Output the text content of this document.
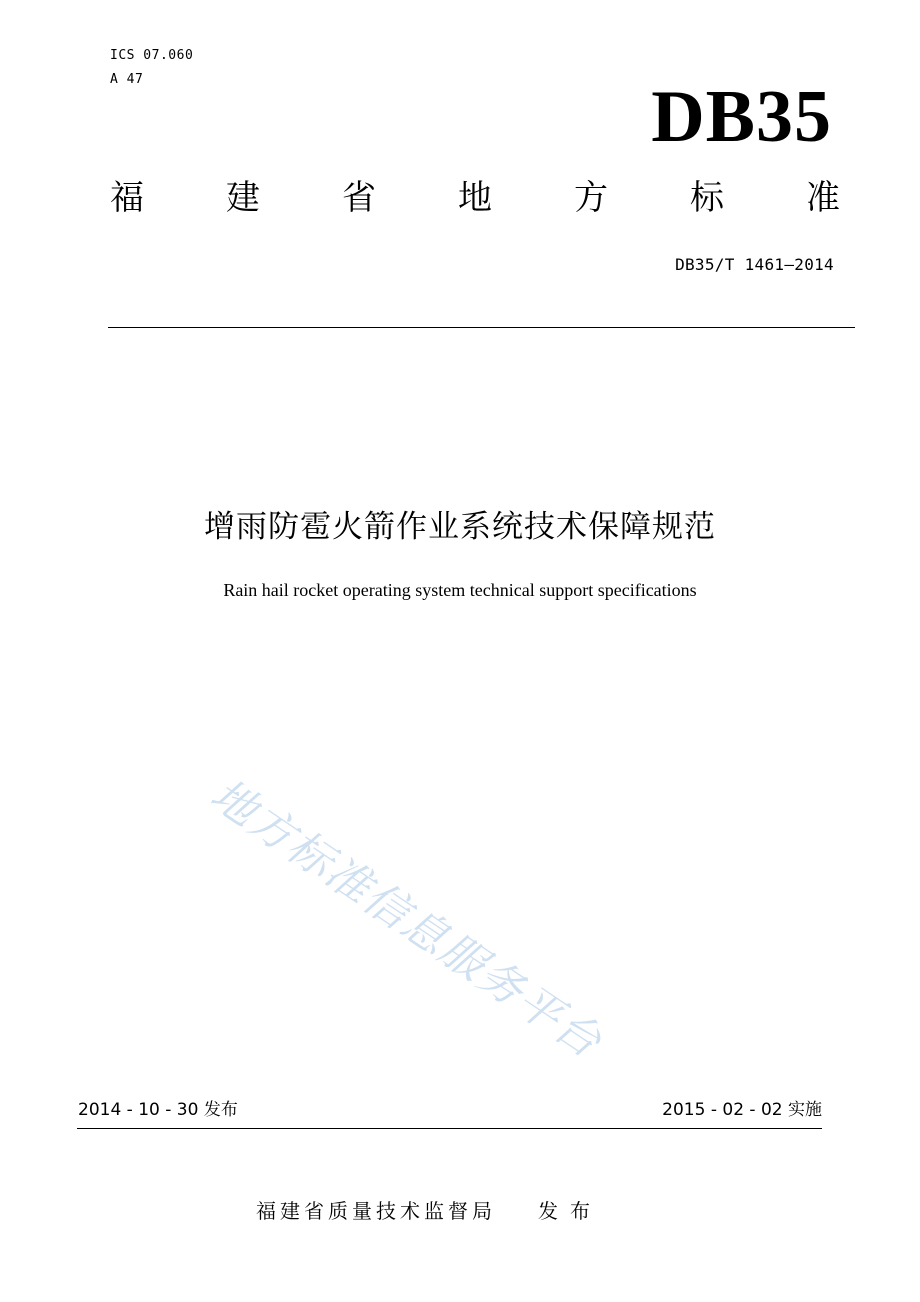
ICS 07.060
A 47	DB35
福 建 省 地 方 标 准
DB35/T 1461—2014
增雨防雹火箭作业系统技术保障规范
Rain hail rocket operating system technical support specifications
地方标准信息服务平台
2014 - 10 - 30 发布	2015 - 02 - 02 实施
福建省质量技术监督局 发布
